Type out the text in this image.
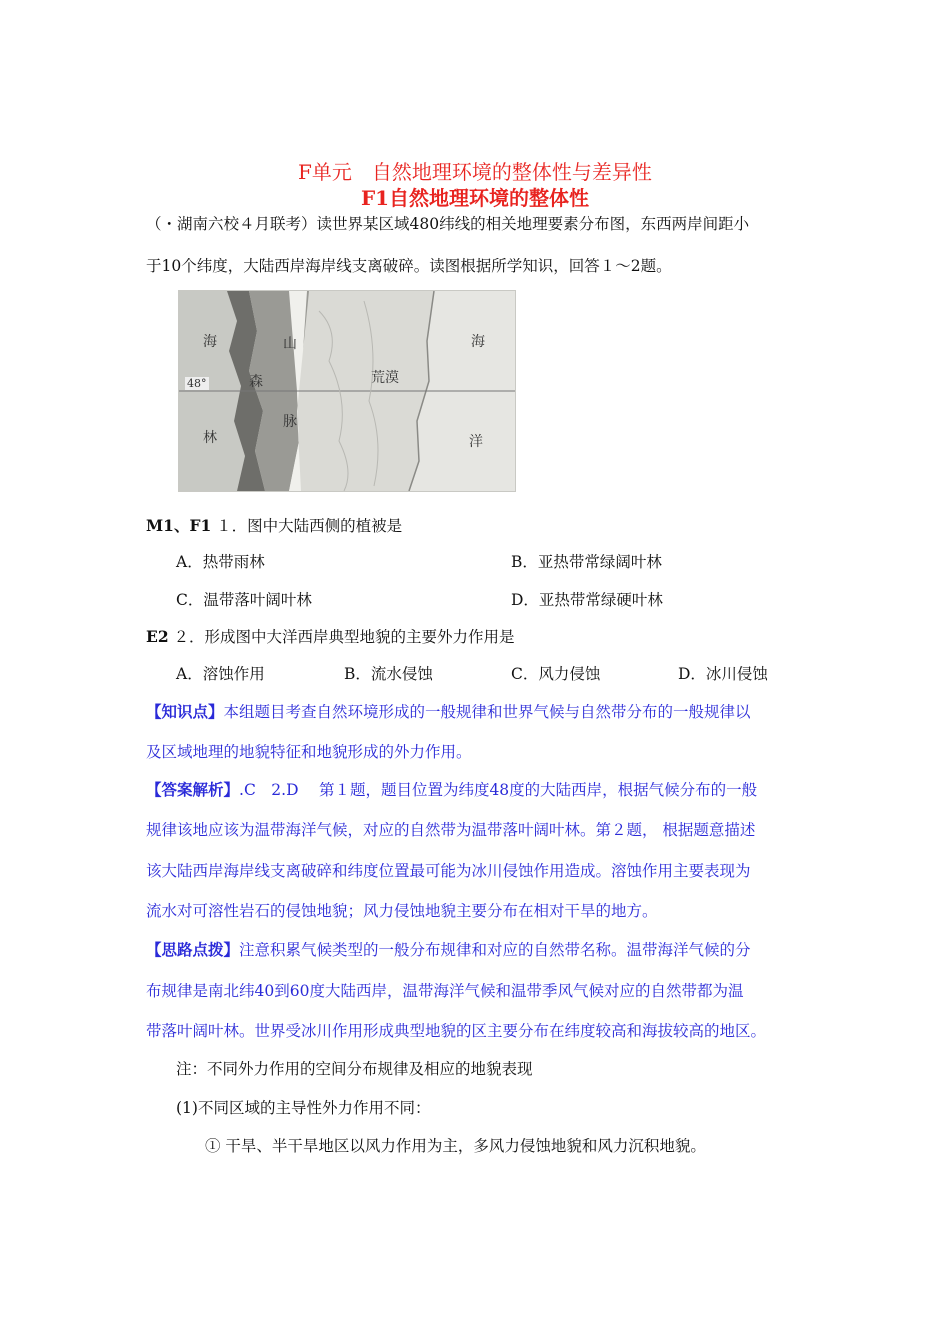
F单元　自然地理环境的整体性与差异性
F1自然地理环境的整体性
（・湖南六校４月联考）读世界某区域480纬线的相关地理要素分布图，东西两岸间距小
于10个纬度，大陆西岸海岸线支离破碎。读图根据所学知识，回答１～2题。
海	山
48°	森
脉
林
荒漠
海
洋
M1、F1 １．图中大陆西侧的植被是
A．热带雨林	B．亚热带常绿阔叶林
C．温带落叶阔叶林	D．亚热带常绿硬叶林
E2 ２．形成图中大洋西岸典型地貌的主要外力作用是
A．溶蚀作用	B．流水侵蚀	C．风力侵蚀	D．冰川侵蚀
【知识点】本组题目考查自然环境形成的一般规律和世界气候与自然带分布的一般规律以
及区域地理的地貌特征和地貌形成的外力作用。
【答案解析】.C　2.D　 第１题，题目位置为纬度48度的大陆西岸，根据气候分布的一般
规律该地应该为温带海洋气候，对应的自然带为温带落叶阔叶林。第２题， 根据题意描述
该大陆西岸海岸线支离破碎和纬度位置最可能为冰川侵蚀作用造成。溶蚀作用主要表现为
流水对可溶性岩石的侵蚀地貌；风力侵蚀地貌主要分布在相对干旱的地方。
【思路点拨】注意积累气候类型的一般分布规律和对应的自然带名称。温带海洋气候的分
布规律是南北纬40到60度大陆西岸，温带海洋气候和温带季风气候对应的自然带都为温
带落叶阔叶林。世界受冰川作用形成典型地貌的区主要分布在纬度较高和海拔较高的地区。
注：不同外力作用的空间分布规律及相应的地貌表现
(1)不同区域的主导性外力作用不同：
① 干旱、半干旱地区以风力作用为主，多风力侵蚀地貌和风力沉积地貌。
